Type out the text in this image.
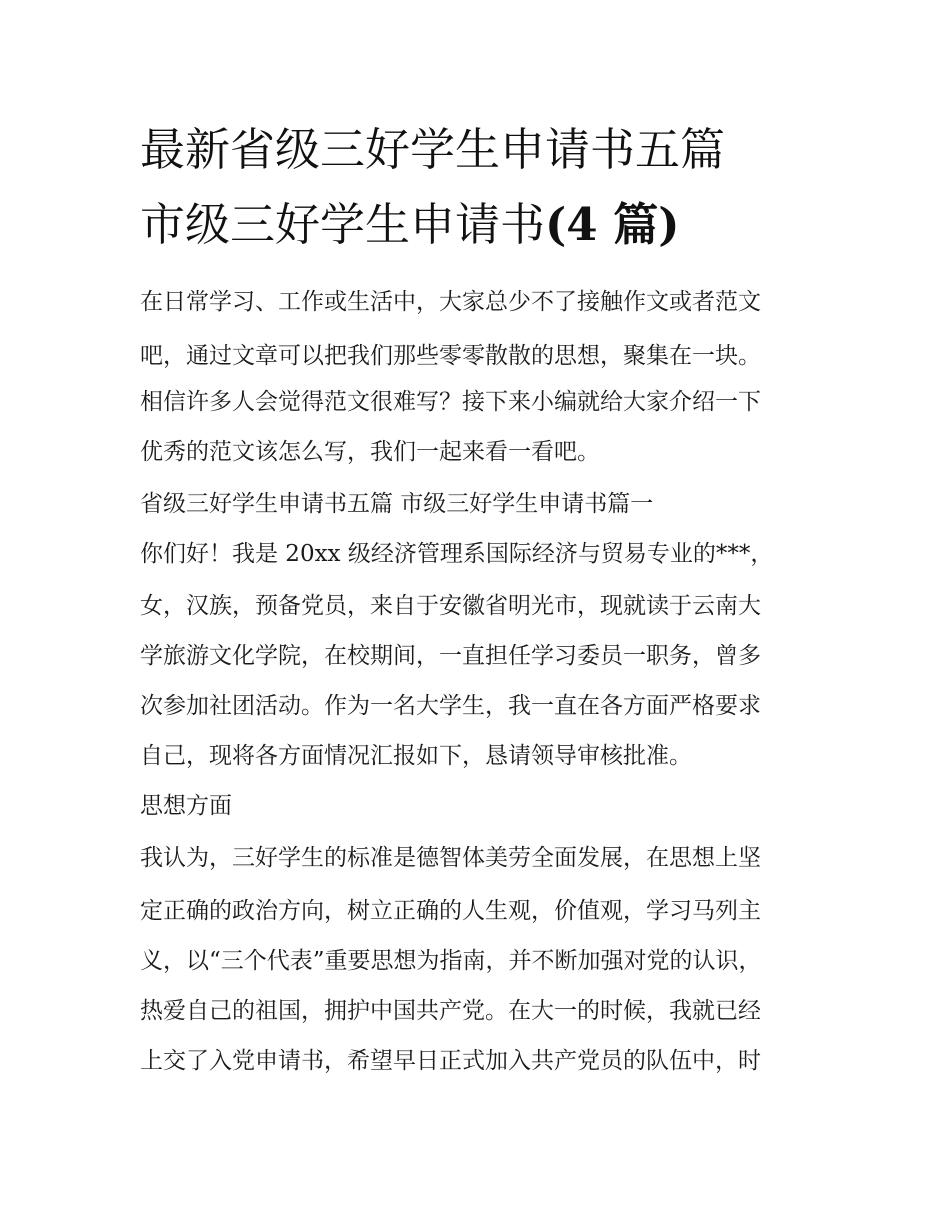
最新省级三好学生申请书五篇
市级三好学生申请书(4 篇)
在日常学习、工作或生活中，大家总少不了接触作文或者范文
吧，通过文章可以把我们那些零零散散的思想，聚集在一块。
相信许多人会觉得范文很难写？接下来小编就给大家介绍一下
优秀的范文该怎么写，我们一起来看一看吧。
省级三好学生申请书五篇 市级三好学生申请书篇一
你们好！我是 20xx 级经济管理系国际经济与贸易专业的***，
女，汉族，预备党员，来自于安徽省明光市，现就读于云南大
学旅游文化学院，在校期间，一直担任学习委员一职务，曾多
次参加社团活动。作为一名大学生，我一直在各方面严格要求
自己，现将各方面情况汇报如下，恳请领导审核批准。
思想方面
我认为，三好学生的标准是德智体美劳全面发展，在思想上坚
定正确的政治方向，树立正确的人生观，价值观，学习马列主
义，以“三个代表”重要思想为指南，并不断加强对党的认识，
热爱自己的祖国，拥护中国共产党。在大一的时候，我就已经
上交了入党申请书，希望早日正式加入共产党员的队伍中，时
